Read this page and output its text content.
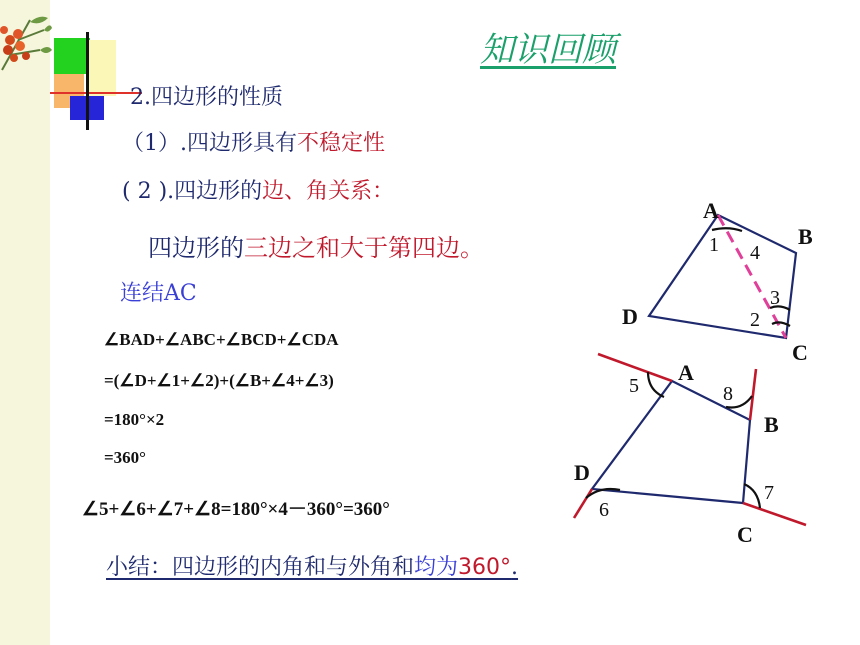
知识回顾
2.四边形的性质
（1）.四边形具有不稳定性
( 2 ).四边形的边、角关系：
四边形的三边之和大于第四边。
连结AC
∠BAD+∠ABC+∠BCD+∠CDA
=(∠D+∠1+∠2)+(∠B+∠4+∠3)
=180°×2
=360°
∠5+∠6+∠7+∠8=180°×4－360°=360°
小结：四边形的内角和与外角和均为360°.
A
B
C
D
1 4
3
2
A
B
C
D
5	8
7
6
